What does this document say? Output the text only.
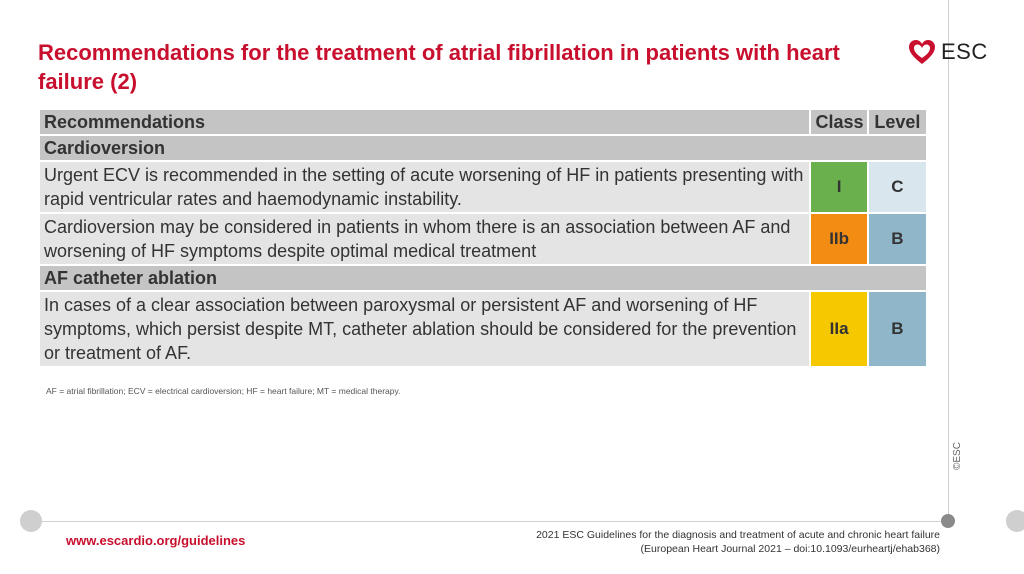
Recommendations for the treatment of atrial fibrillation in patients with heart failure (2)
ESC
Recommendations	Class	Level
Cardioversion		
Urgent ECV is recommended in the setting of acute worsening of HF in patients presenting with rapid ventricular rates and haemodynamic instability.	I	C
Cardioversion may be considered in patients in whom there is an association between AF and worsening of HF symptoms despite optimal medical treatment	IIb	B
AF catheter ablation		
In cases of a clear association between paroxysmal or persistent AF and worsening of HF symptoms, which persist despite MT, catheter ablation should be considered for the prevention or treatment of AF.	IIa	B
AF = atrial fibrillation; ECV = electrical cardioversion; HF = heart failure; MT = medical therapy.
©ESC
www.escardio.org/guidelines	2021 ESC Guidelines for the diagnosis and treatment of acute and chronic heart failure
(European Heart Journal 2021 – doi:10.1093/eurheartj/ehab368)
